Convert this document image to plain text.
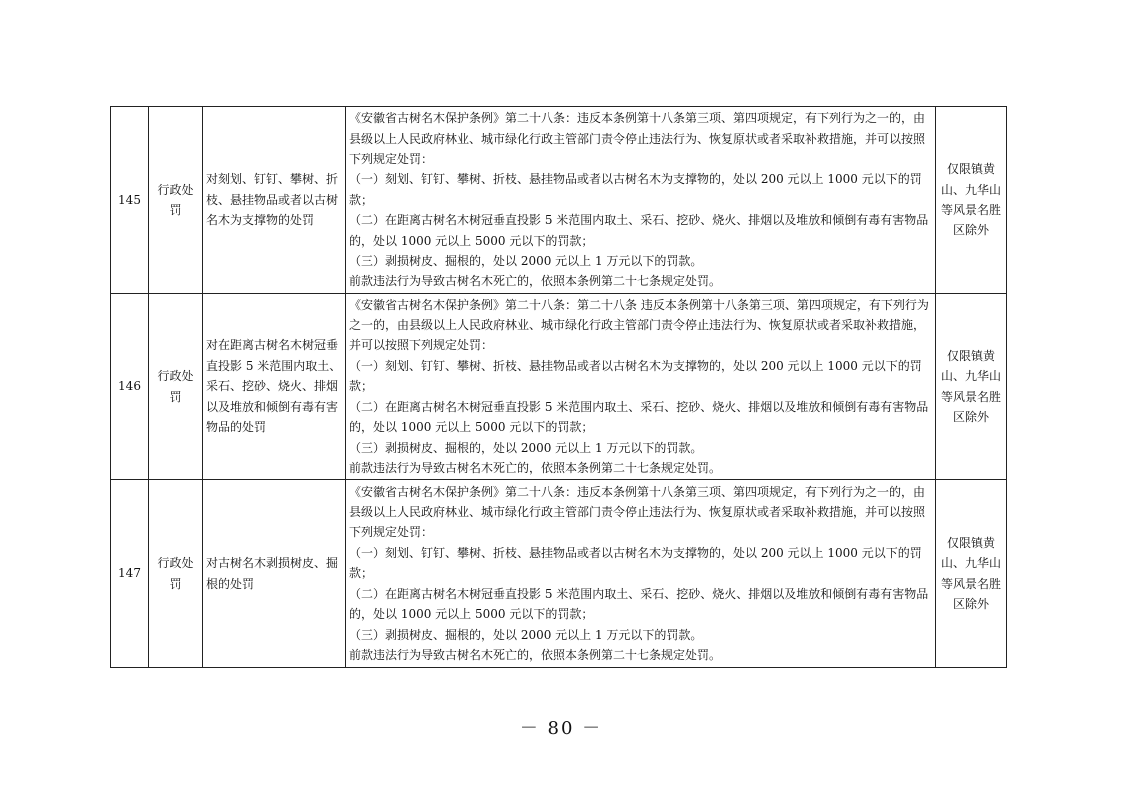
145	行政处罚	对刻划、钉钉、攀树、折枝、悬挂物品或者以古树名木为支撑物的处罚	《安徽省古树名木保护条例》第二十八条：违反本条例第十八条第三项、第四项规定，有下列行为之一的，由县级以上人民政府林业、城市绿化行政主管部门责令停止违法行为、恢复原状或者采取补救措施，并可以按照下列规定处罚：
（一）刻划、钉钉、攀树、折枝、悬挂物品或者以古树名木为支撑物的，处以 200 元以上 1000 元以下的罚款；
（二）在距离古树名木树冠垂直投影 5 米范围内取土、采石、挖砂、烧火、排烟以及堆放和倾倒有毒有害物品的，处以 1000 元以上 5000 元以下的罚款；
（三）剥损树皮、掘根的，处以 2000 元以上 1 万元以下的罚款。
前款违法行为导致古树名木死亡的，依照本条例第二十七条规定处罚。	仅限镇黄山、九华山等风景名胜区除外
146	行政处罚	对在距离古树名木树冠垂直投影 5 米范围内取土、采石、挖砂、烧火、排烟以及堆放和倾倒有毒有害物品的处罚	《安徽省古树名木保护条例》第二十八条：第二十八条 违反本条例第十八条第三项、第四项规定，有下列行为之一的，由县级以上人民政府林业、城市绿化行政主管部门责令停止违法行为、恢复原状或者采取补救措施，并可以按照下列规定处罚：
（一）刻划、钉钉、攀树、折枝、悬挂物品或者以古树名木为支撑物的，处以 200 元以上 1000 元以下的罚款；
（二）在距离古树名木树冠垂直投影 5 米范围内取土、采石、挖砂、烧火、排烟以及堆放和倾倒有毒有害物品的，处以 1000 元以上 5000 元以下的罚款；
（三）剥损树皮、掘根的，处以 2000 元以上 1 万元以下的罚款。
前款违法行为导致古树名木死亡的，依照本条例第二十七条规定处罚。	仅限镇黄山、九华山等风景名胜区除外
147	行政处罚	对古树名木剥损树皮、掘根的处罚	《安徽省古树名木保护条例》第二十八条：违反本条例第十八条第三项、第四项规定，有下列行为之一的，由县级以上人民政府林业、城市绿化行政主管部门责令停止违法行为、恢复原状或者采取补救措施，并可以按照下列规定处罚：
（一）刻划、钉钉、攀树、折枝、悬挂物品或者以古树名木为支撑物的，处以 200 元以上 1000 元以下的罚款；
（二）在距离古树名木树冠垂直投影 5 米范围内取土、采石、挖砂、烧火、排烟以及堆放和倾倒有毒有害物品的，处以 1000 元以上 5000 元以下的罚款；
（三）剥损树皮、掘根的，处以 2000 元以上 1 万元以下的罚款。
前款违法行为导致古树名木死亡的，依照本条例第二十七条规定处罚。	仅限镇黄山、九华山等风景名胜区除外
－ 80 －
